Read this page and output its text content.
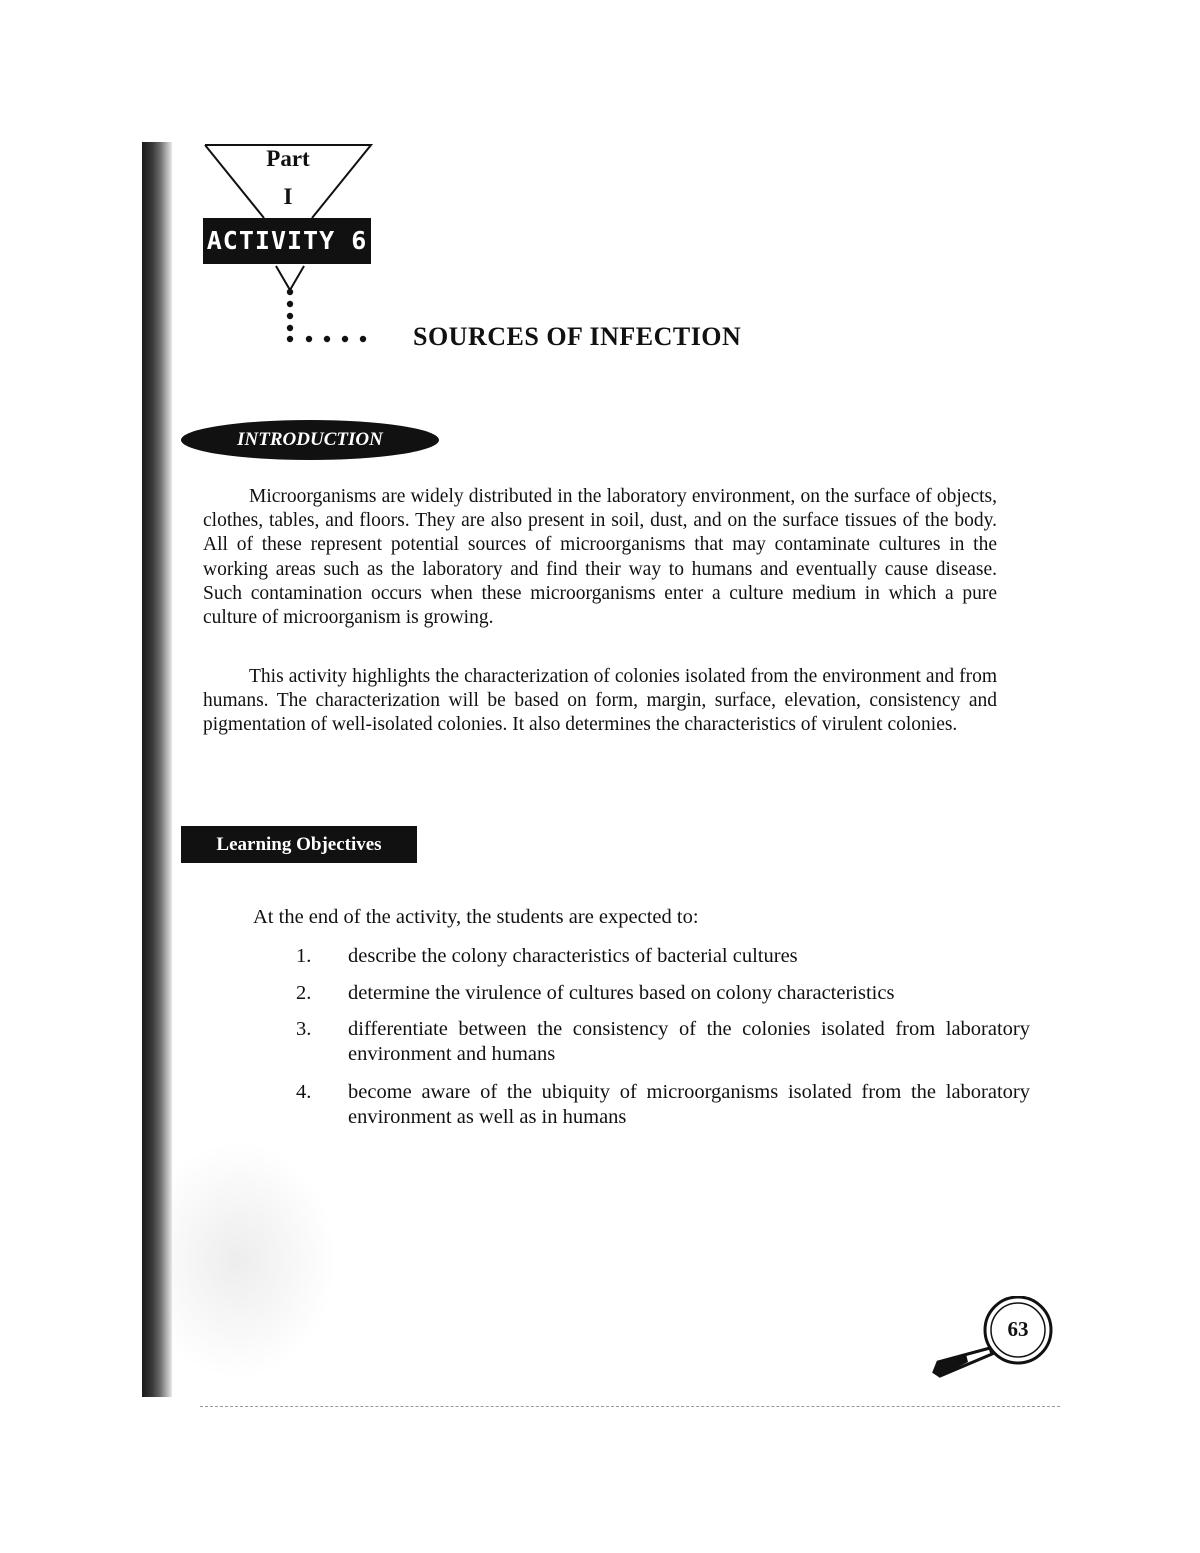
Part
I
ACTIVITY 6
SOURCES OF INFECTION
INTRODUCTION

Microorganisms are widely distributed in the laboratory environment, on the surface of objects, clothes, tables, and floors. They are also present in soil, dust, and on the surface tissues of the body. All of these represent potential sources of microorganisms that may contaminate cultures in the working areas such as the laboratory and find their way to humans and eventually cause disease. Such contamination occurs when these microorganisms enter a culture medium in which a pure culture of microorganism is growing.

This activity highlights the characterization of colonies isolated from the environment and from humans. The characterization will be based on form, margin, surface, elevation, consistency and pigmentation of well-isolated colonies. It also determines the characteristics of virulent colonies.

Learning Objectives
At the end of the activity, the students are expected to:
1. describe the colony characteristics of bacterial cultures
2. determine the virulence of cultures based on colony characteristics
3. differentiate between the consistency of the colonies isolated from laboratory environment and humans
4. become aware of the ubiquity of microorganisms isolated from the laboratory environment as well as in humans
63
